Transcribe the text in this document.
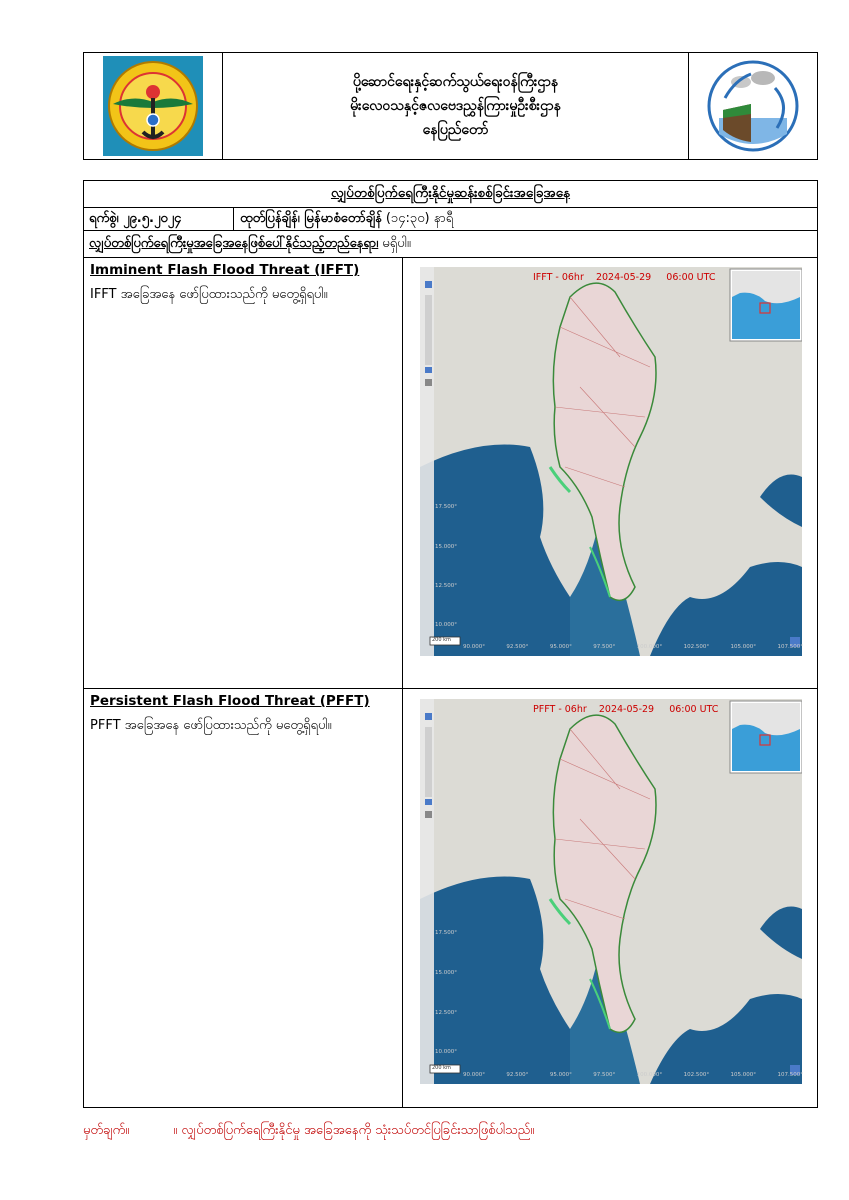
ပို့ဆောင်ရေးနှင့်ဆက်သွယ်ရေးဝန်ကြီးဌာန
မိုးလေဝသနှင့်ဇလဗေဒညွှန်ကြားမှုဦးစီးဌာန
နေပြည်တော်
လျှပ်တစ်ပြက်ရေကြီးနိုင်မှုဆန်းစစ်ခြင်းအခြေအနေ
ရက်စွဲ၊ ၂၉.၅.၂၀၂၄	ထုတ်ပြန်ချိန်၊ မြန်မာစံတော်ချိန် (၁၄:၃၀) နာရီ
လျှပ်တစ်ပြက်ရေကြီးမှုအခြေအနေဖြစ်ပေါ်နိုင်သည့်တည်နေရာ၊ မရှိပါ။
Imminent Flash Flood Threat (IFFT)
IFFT အခြေအနေ ဖော်ပြထားသည်ကို မတွေ့ရှိရပါ။
IFFT - 06hr 2024-05-29 06:00 UTC
17.500°
15.000°
12.500°
10.000°
90.000°	92.500°	95.000°	97.500°	100.000°	102.500°	105.000°	107.500°
200 km
Persistent Flash Flood Threat (PFFT)
PFFT အခြေအနေ ဖော်ပြထားသည်ကို မတွေ့ရှိရပါ။
PFFT - 06hr 2024-05-29 06:00 UTC
17.500°
15.000°
12.500°
10.000°
90.000°	92.500°	95.000°	97.500°	100.000°	102.500°	105.000°	107.500°
200 km
မှတ်ချက်။	။ လျှပ်တစ်ပြက်ရေကြီးနိုင်မှု အခြေအနေကို သုံးသပ်တင်ပြခြင်းသာဖြစ်ပါသည်။
